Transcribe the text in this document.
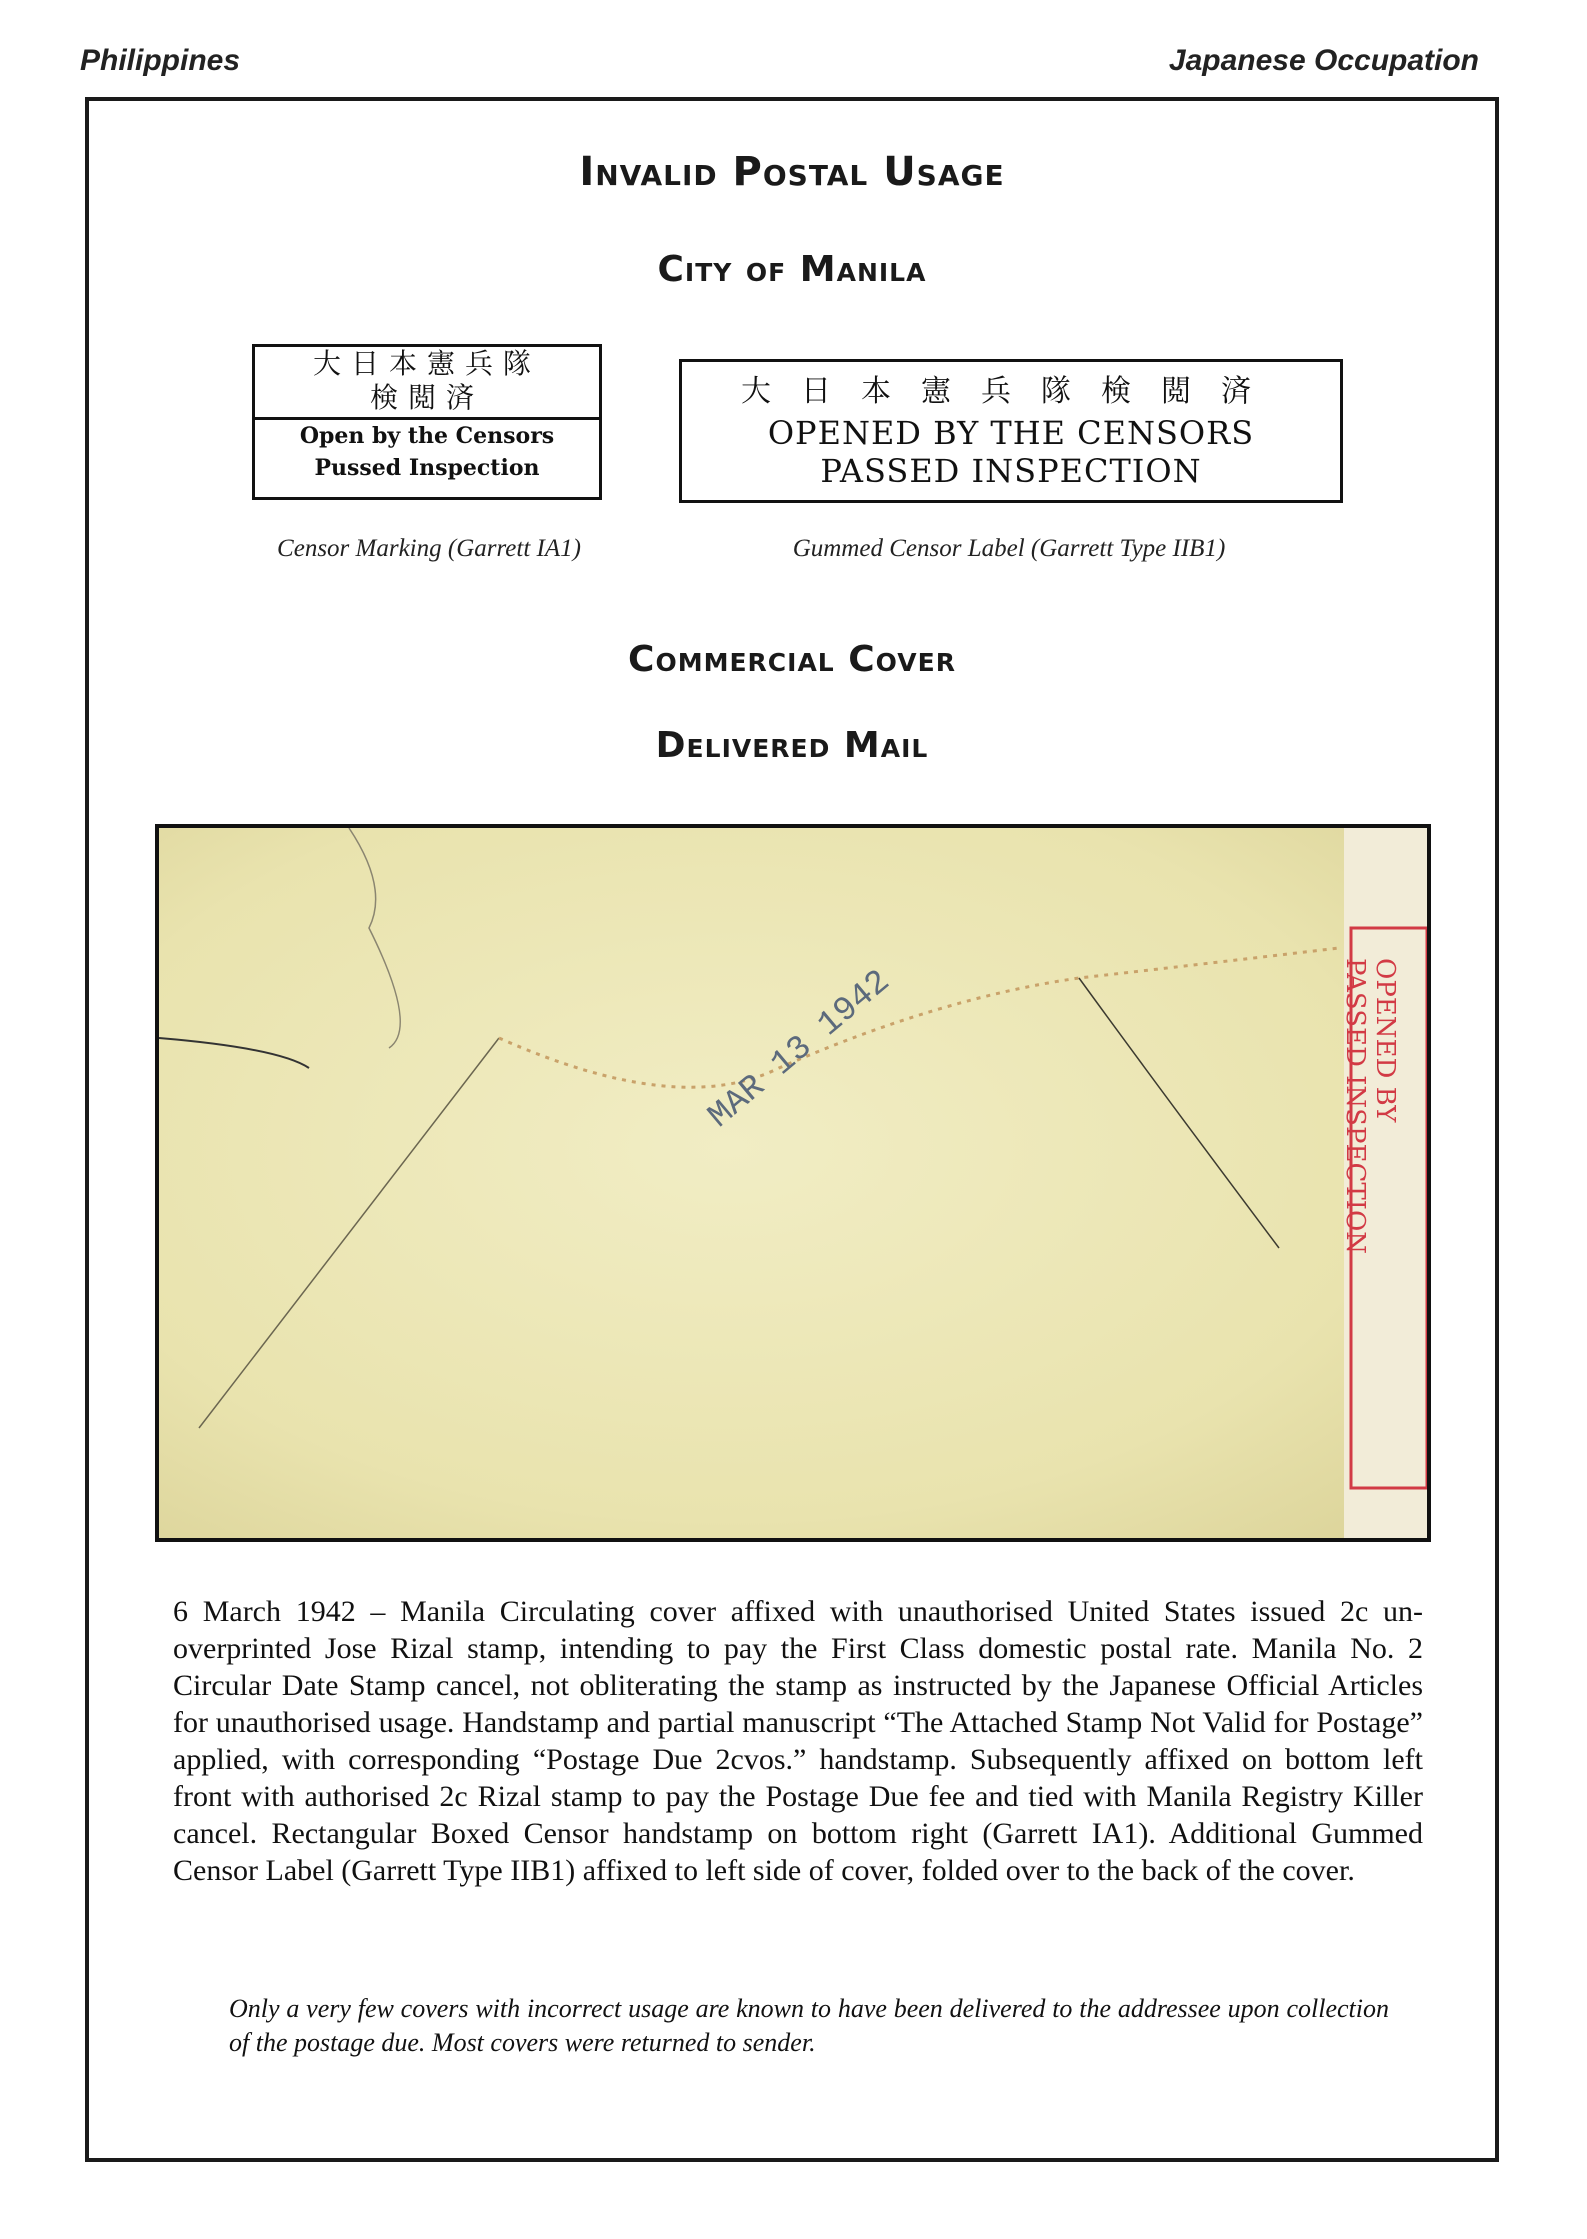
Philippines	Japanese Occupation
Invalid Postal Usage
City of Manila
大日本憲兵隊
検閲済
Open by the Censors
Pussed Inspection
Censor Marking (Garrett IA1)
大日本憲兵隊検閲済
OPENED BY THE CENSORS
PASSED INSPECTION
Gummed Censor Label (Garrett Type IIB1)
Commercial Cover
Delivered Mail
MAR 13 1942	OPENED BY
PASSED INSPECTION
6 March 1942 – Manila Circulating cover affixed with unauthorised United States issued 2c un-overprinted Jose Rizal stamp, intending to pay the First Class domestic postal rate. Manila No. 2 Circular Date Stamp cancel, not obliterating the stamp as instructed by the Japanese Official Articles for unauthorised usage. Handstamp and partial manuscript “The Attached Stamp Not Valid for Postage” applied, with corresponding “Postage Due 2cvos.” handstamp. Subsequently affixed on bottom left front with authorised 2c Rizal stamp to pay the Postage Due fee and tied with Manila Registry Killer cancel. Rectangular Boxed Censor handstamp on bottom right (Garrett IA1). Additional Gummed Censor Label (Garrett Type IIB1) affixed to left side of cover, folded over to the back of the cover.
Only a very few covers with incorrect usage are known to have been delivered to the addressee upon collection of the postage due. Most covers were returned to sender.
